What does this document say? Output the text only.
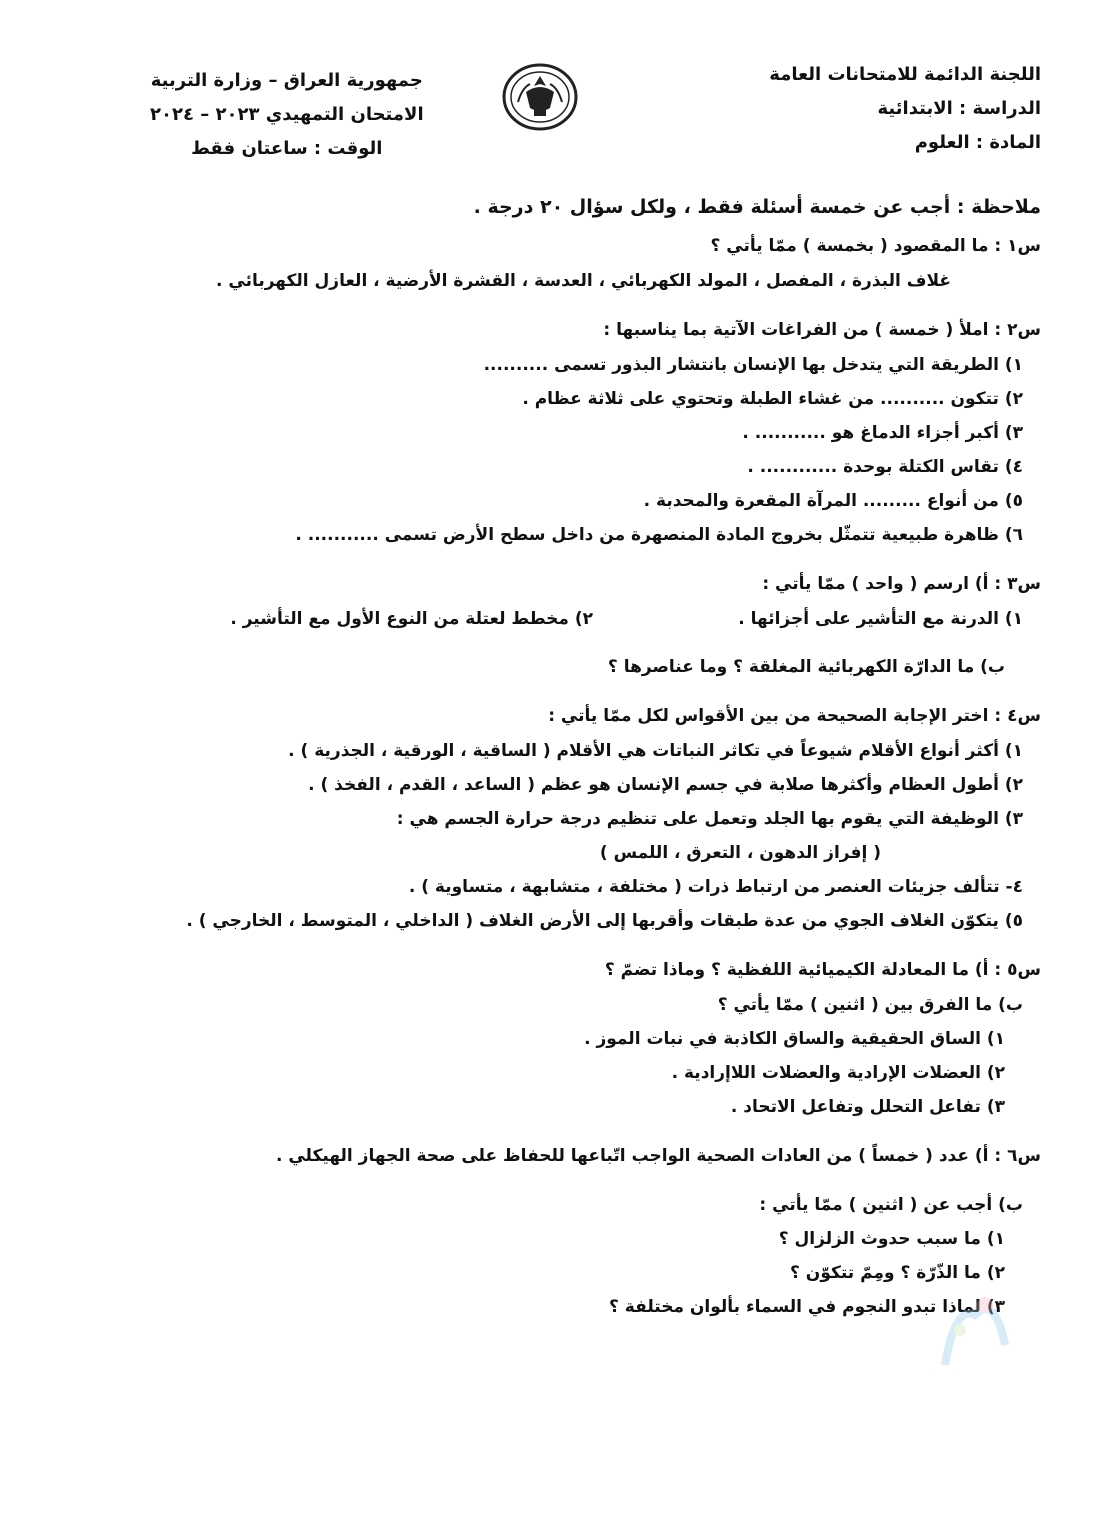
اللجنة الدائمة للامتحانات العامة
الدراسة : الابتدائية
المادة : العلوم
جمهورية العراق – وزارة التربية
الامتحان التمهيدي ٢٠٢٣ – ٢٠٢٤
الوقت : ساعتان فقط
ملاحظة : أجب عن خمسة أسئلة فقط ، ولكل سؤال ٢٠ درجة .
س١ : ما المقصود ( بخمسة ) ممّا يأتي ؟
غلاف البذرة ، المفصل ، المولد الكهربائي ، العدسة ، القشرة الأرضية ، العازل الكهربائي .
س٢ : املأ ( خمسة ) من الفراغات الآتية بما يناسبها :
١) الطريقة التي يتدخل بها الإنسان بانتشار البذور تسمى ..........
٢) تتكون .......... من غشاء الطبلة وتحتوي على ثلاثة عظام .
٣) أكبر أجزاء الدماغ هو ........... .
٤) تقاس الكتلة بوحدة ............ .
٥) من أنواع ......... المرآة المقعرة والمحدبة .
٦) ظاهرة طبيعية تتمثّل بخروج المادة المنصهرة من داخل سطح الأرض تسمى ........... .
س٣ : أ) ارسم ( واحد ) ممّا يأتي :
١) الدرنة مع التأشير على أجزائها .
٢) مخطط لعتلة من النوع الأول مع التأشير .
ب) ما الدارّة الكهربائية المغلقة ؟ وما عناصرها ؟
س٤ : اختر الإجابة الصحيحة من بين الأقواس لكل ممّا يأتي :
١) أكثر أنواع الأقلام شيوعاً في تكاثر النباتات هي الأقلام ( الساقية ، الورقية ، الجذرية ) .
٢) أطول العظام وأكثرها صلابة في جسم الإنسان هو عظم ( الساعد ، القدم ، الفخذ ) .
٣) الوظيفة التي يقوم بها الجلد وتعمل على تنظيم درجة حرارة الجسم هي :
( إفراز الدهون ، التعرق ، اللمس )
٤- تتألف جزيئات العنصر من ارتباط ذرات ( مختلفة ، متشابهة ، متساوية ) .
٥) يتكوّن الغلاف الجوي من عدة طبقات وأقربها إلى الأرض الغلاف ( الداخلي ، المتوسط ، الخارجي ) .
س٥ : أ) ما المعادلة الكيميائية اللفظية ؟ وماذا تضمّ ؟
ب) ما الفرق بين ( اثنين ) ممّا يأتي ؟
١) الساق الحقيقية والساق الكاذبة في نبات الموز .
٢) العضلات الإرادية والعضلات اللاإرادية .
٣) تفاعل التحلل وتفاعل الاتحاد .
س٦ : أ) عدد ( خمساً ) من العادات الصحية الواجب اتّباعها للحفاظ على صحة الجهاز الهيكلي .
ب) أجب عن ( اثنين ) ممّا يأتي :
١) ما سبب حدوث الزلزال ؟
٢) ما الذّرّة ؟ ومِمّ تتكوّن ؟
٣) لماذا تبدو النجوم في السماء بألوان مختلفة ؟
